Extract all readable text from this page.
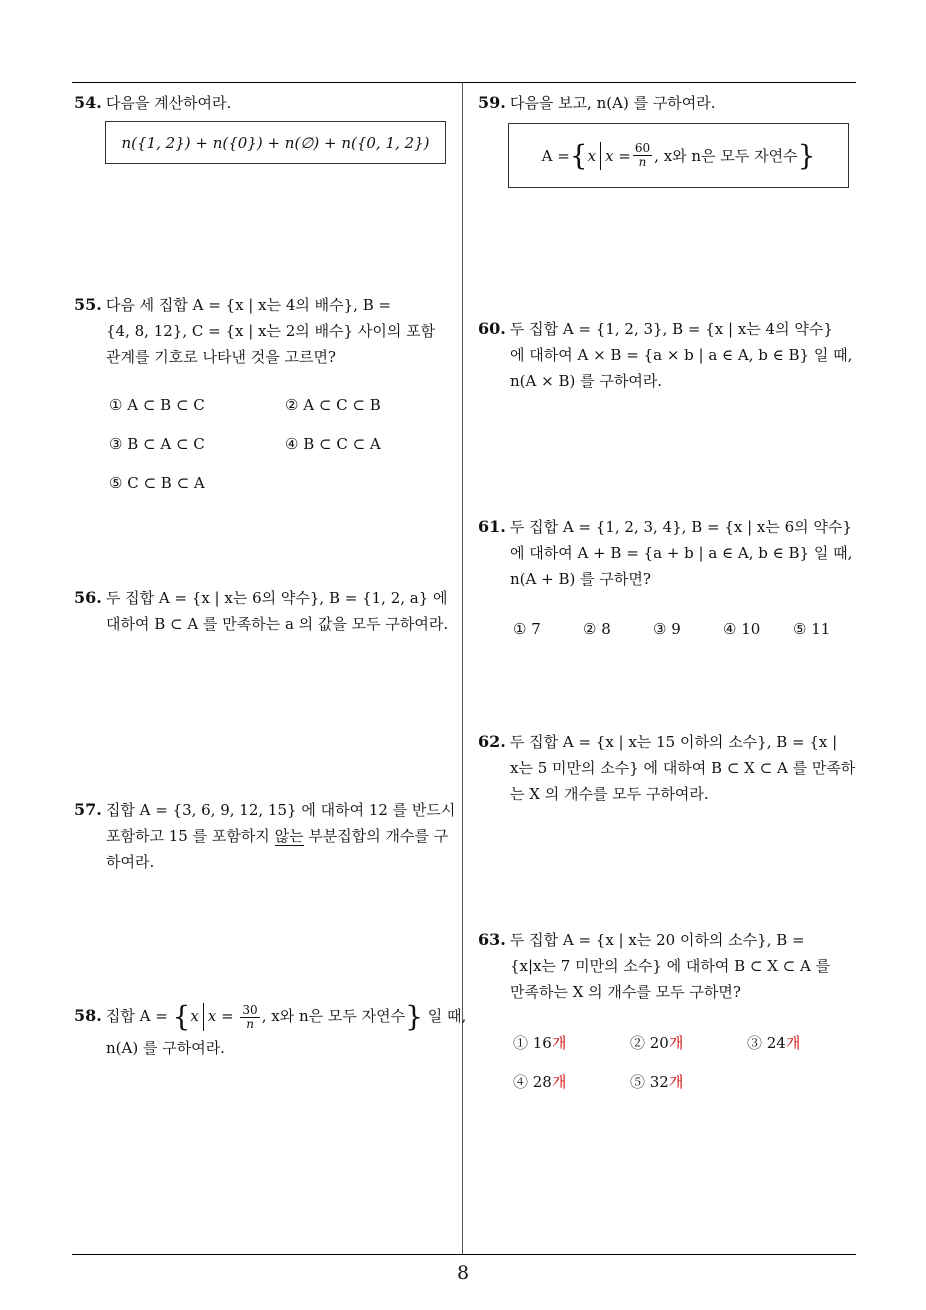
54. 다음을 계산하여라.
n({1, 2}) + n({0}) + n(∅) + n({0, 1, 2})
55. 다음 세 집합 A = {x | x는 4의 배수}, B =
{4, 8, 12}, C = {x | x는 2의 배수} 사이의 포함
관계를 기호로 나타낸 것을 고르면?
① A ⊂ B ⊂ C	② A ⊂ C ⊂ B
③ B ⊂ A ⊂ C	④ B ⊂ C ⊂ A
⑤ C ⊂ B ⊂ A
56. 두 집합 A = {x | x는 6의 약수}, B = {1, 2, a} 에
대하여 B ⊂ A 를 만족하는 a 의 값을 모두 구하여라.
57. 집합 A = {3, 6, 9, 12, 15} 에 대하여 12 를 반드시
포함하고 15 를 포함하지 않는 부분집합의 개수를 구
하여라.
58. 집합 A = {x $x = \frac{30}{n}$ , x와 n은 모두 자연수} 일 때,
n(A) 를 구하여라.
59. 다음을 보고, n(A) 를 구하여라.
A = { x $x = \frac{60}{n}$ , x와 n은 모두 자연수 }
60. 두 집합 A = {1, 2, 3}, B = {x | x는 4의 약수}
에 대하여 A × B = {a × b | a ∈ A, b ∈ B} 일 때,
n(A × B) 를 구하여라.
61. 두 집합 A = {1, 2, 3, 4}, B = {x | x는 6의 약수}
에 대하여 A + B = {a + b | a ∈ A, b ∈ B} 일 때,
n(A + B) 를 구하면?
① 7	② 8	③ 9	④ 10 ⑤ 11
62. 두 집합 A = {x | x는 15 이하의 소수}, B = {x |
x는 5 미만의 소수} 에 대하여 B ⊂ X ⊂ A 를 만족하
는 X 의 개수를 모두 구하여라.
63. 두 집합 A = {x | x는 20 이하의 소수}, B =
{x|x는 7 미만의 소수} 에 대하여 B ⊂ X ⊂ A 를
만족하는 X 의 개수를 모두 구하면?
① 16개	② 20개	③ 24개
④ 28개	⑤ 32개
8
